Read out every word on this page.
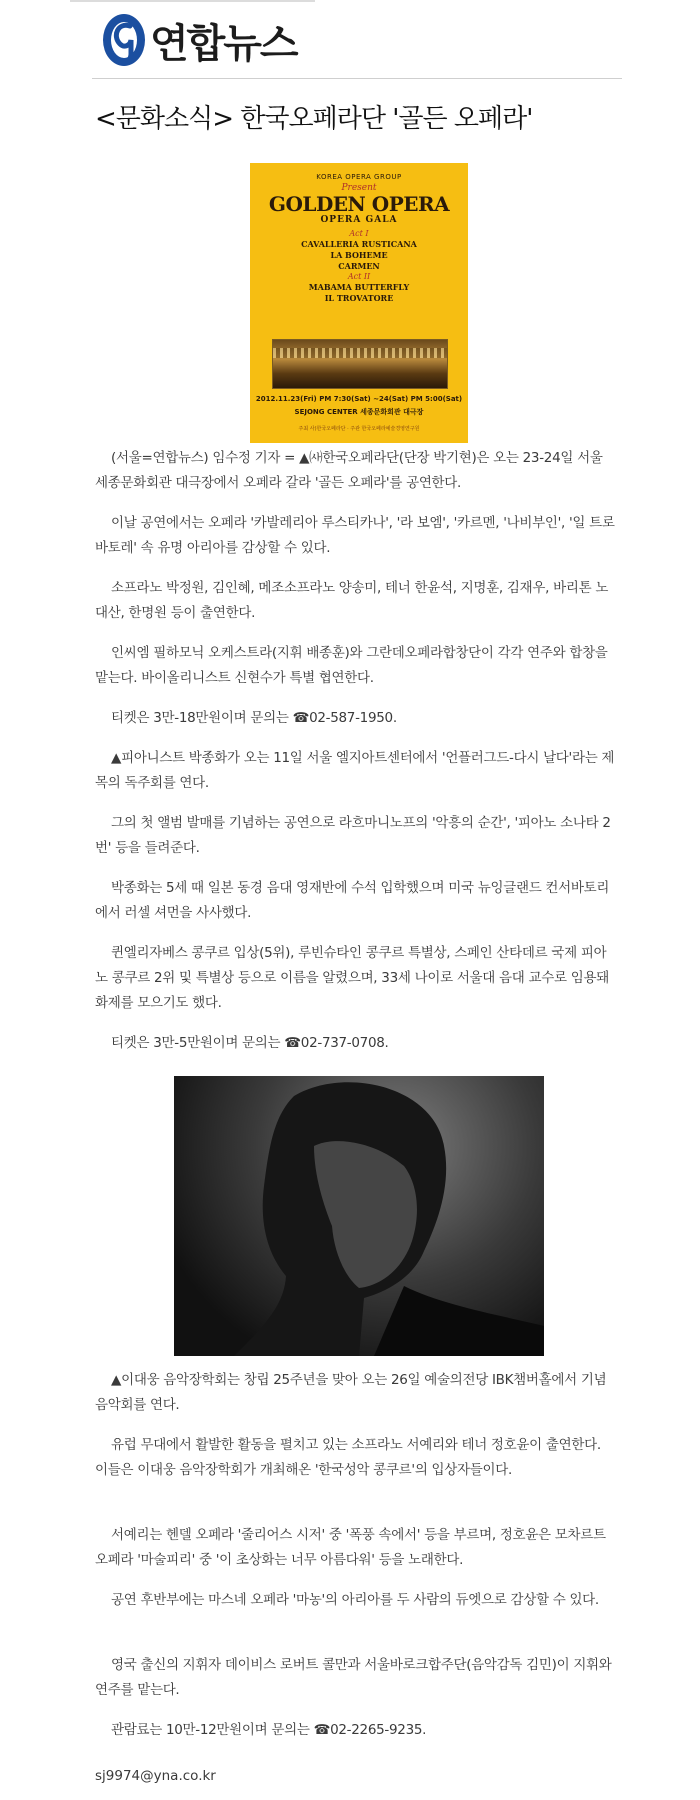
연합뉴스
<문화소식> 한국오페라단 '골든 오페라'
KOREA OPERA GROUP
Present
GOLDEN OPERA
OPERA GALA
Act I
CAVALLERIA RUSTICANA
LA BOHEME
CARMEN
Act II
MABAMA BUTTERFLY
IL TROVATORE
2012.11.23(Fri) PM 7:30(Sat) ~24(Sat) PM 5:00(Sat)
SEJONG CENTER 세종문화회관 대극장
주최 사)한국오페라단 · 주관 한국오페라예술경영연구원

(서울=연합뉴스) 임수정 기자 = ▲㈔한국오페라단(단장 박기현)은 오는 23-24일 서울 세종문화회관 대극장에서 오페라 갈라 '골든 오페라'를 공연한다.

이날 공연에서는 오페라 '카발레리아 루스티카나', '라 보엠', '카르멘, '나비부인', '일 트로바토레' 속 유명 아리아를 감상할 수 있다.

소프라노 박정원, 김인혜, 메조소프라노 양송미, 테너 한윤석, 지명훈, 김재우, 바리톤 노대산, 한명원 등이 출연한다.

인씨엠 필하모닉 오케스트라(지휘 배종훈)와 그란데오페라합창단이 각각 연주와 합창을 맡는다. 바이올리니스트 신현수가 특별 협연한다.

티켓은 3만-18만원이며 문의는 ☎02-587-1950.

▲피아니스트 박종화가 오는 11일 서울 엘지아트센터에서 '언플러그드-다시 날다'라는 제목의 독주회를 연다.

그의 첫 앨범 발매를 기념하는 공연으로 라흐마니노프의 '악흥의 순간', '피아노 소나타 2번' 등을 들려준다.

박종화는 5세 때 일본 동경 음대 영재반에 수석 입학했으며 미국 뉴잉글랜드 컨서바토리에서 러셀 셔먼을 사사했다.

퀸엘리자베스 콩쿠르 입상(5위), 루빈슈타인 콩쿠르 특별상, 스페인 산타데르 국제 피아노 콩쿠르 2위 및 특별상 등으로 이름을 알렸으며, 33세 나이로 서울대 음대 교수로 임용돼 화제를 모으기도 했다.

티켓은 3만-5만원이며 문의는 ☎02-737-0708.

▲이대웅 음악장학회는 창립 25주년을 맞아 오는 26일 예술의전당 IBK챔버홀에서 기념 음악회를 연다.

유럽 무대에서 활발한 활동을 펼치고 있는 소프라노 서예리와 테너 정호윤이 출연한다. 이들은 이대웅 음악장학회가 개최해온 '한국성악 콩쿠르'의 입상자들이다.

서예리는 헨델 오페라 '줄리어스 시저' 중 '폭풍 속에서' 등을 부르며, 정호윤은 모차르트 오페라 '마술피리' 중 '이 초상화는 너무 아름다워' 등을 노래한다.

공연 후반부에는 마스네 오페라 '마농'의 아리아를 두 사람의 듀엣으로 감상할 수 있다.

영국 출신의 지휘자 데이비스 로버트 콜만과 서울바로크합주단(음악감독 김민)이 지휘와 연주를 맡는다.

관람료는 10만-12만원이며 문의는 ☎02-2265-9235.

sj9974@yna.co.kr
